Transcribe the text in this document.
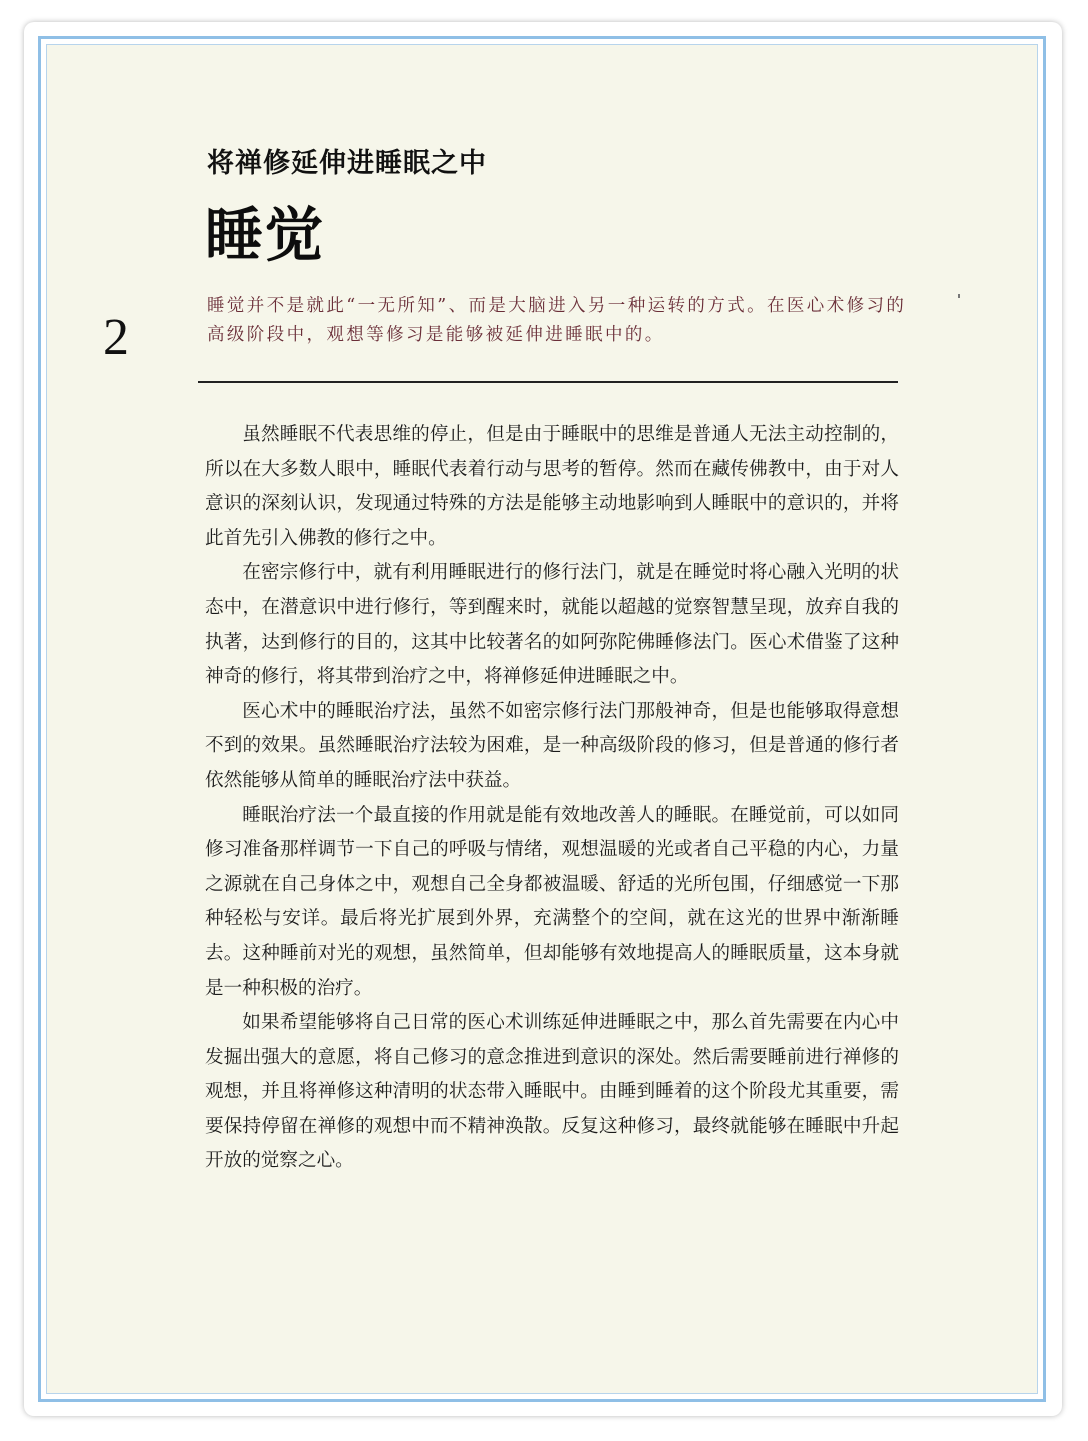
将禅修延伸进睡眠之中
睡觉
2
睡觉并不是就此“一无所知”、而是大脑进入另一种运转的方式。在医心术修习的高级阶段中，观想等修习是能够被延伸进睡眠中的。

虽然睡眠不代表思维的停止，但是由于睡眠中的思维是普通人无法主动控制的，所以在大多数人眼中，睡眠代表着行动与思考的暂停。然而在藏传佛教中，由于对人意识的深刻认识，发现通过特殊的方法是能够主动地影响到人睡眠中的意识的，并将此首先引入佛教的修行之中。

在密宗修行中，就有利用睡眠进行的修行法门，就是在睡觉时将心融入光明的状态中，在潜意识中进行修行，等到醒来时，就能以超越的觉察智慧呈现，放弃自我的执著，达到修行的目的，这其中比较著名的如阿弥陀佛睡修法门。医心术借鉴了这种神奇的修行，将其带到治疗之中，将禅修延伸进睡眠之中。

医心术中的睡眠治疗法，虽然不如密宗修行法门那般神奇，但是也能够取得意想不到的效果。虽然睡眠治疗法较为困难，是一种高级阶段的修习，但是普通的修行者依然能够从简单的睡眠治疗法中获益。

睡眠治疗法一个最直接的作用就是能有效地改善人的睡眠。在睡觉前，可以如同修习准备那样调节一下自己的呼吸与情绪，观想温暖的光或者自己平稳的内心，力量之源就在自己身体之中，观想自己全身都被温暖、舒适的光所包围，仔细感觉一下那种轻松与安详。最后将光扩展到外界，充满整个的空间，就在这光的世界中渐渐睡去。这种睡前对光的观想，虽然简单，但却能够有效地提高人的睡眠质量，这本身就是一种积极的治疗。

如果希望能够将自己日常的医心术训练延伸进睡眠之中，那么首先需要在内心中发掘出强大的意愿，将自己修习的意念推进到意识的深处。然后需要睡前进行禅修的观想，并且将禅修这种清明的状态带入睡眠中。由睡到睡着的这个阶段尤其重要，需要保持停留在禅修的观想中而不精神涣散。反复这种修习，最终就能够在睡眠中升起开放的觉察之心。
